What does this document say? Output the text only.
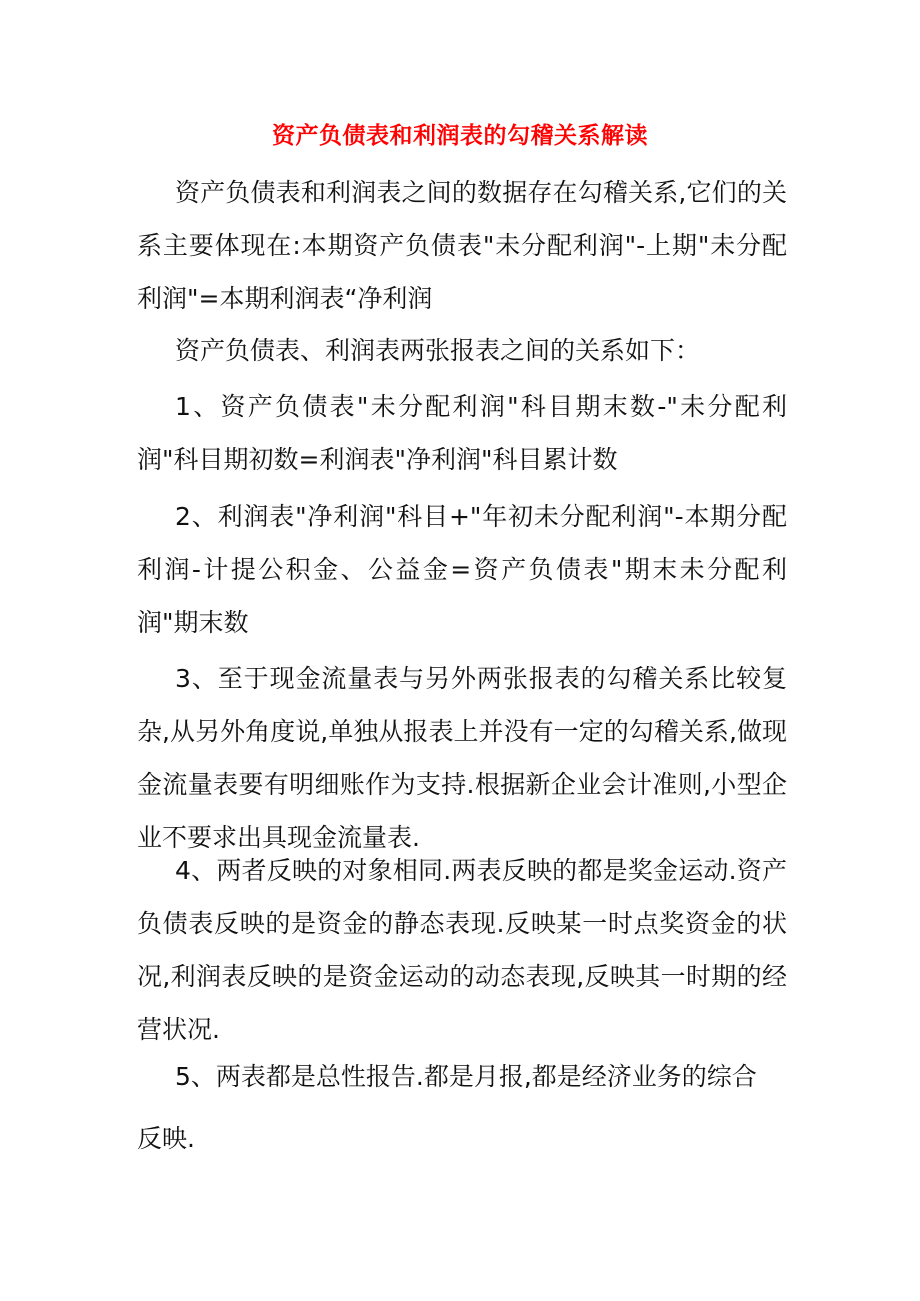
资产负债表和利润表的勾稽关系解读
资产负债表和利润表之间的数据存在勾稽关系,它们的关系主要体现在:本期资产负债表"未分配利润"-上期"未分配利润"=本期利润表“净利润
资产负债表、利润表两张报表之间的关系如下：
1、资产负债表"未分配利润"科目期末数-"未分配利润"科目期初数=利润表"净利润"科目累计数
2、利润表"净利润"科目+"年初未分配利润"-本期分配利润-计提公积金、公益金=资产负债表"期末未分配利润"期末数
3、至于现金流量表与另外两张报表的勾稽关系比较复杂,从另外角度说,单独从报表上并没有一定的勾稽关系,做现金流量表要有明细账作为支持.根据新企业会计准则,小型企业不要求出具现金流量表.
4、两者反映的对象相同.两表反映的都是奖金运动.资产负债表反映的是资金的静态表现.反映某一时点奖资金的状况,利润表反映的是资金运动的动态表现,反映其一时期的经营状况.
5、两表都是总性报告.都是月报,都是经济业务的综合
反映.
